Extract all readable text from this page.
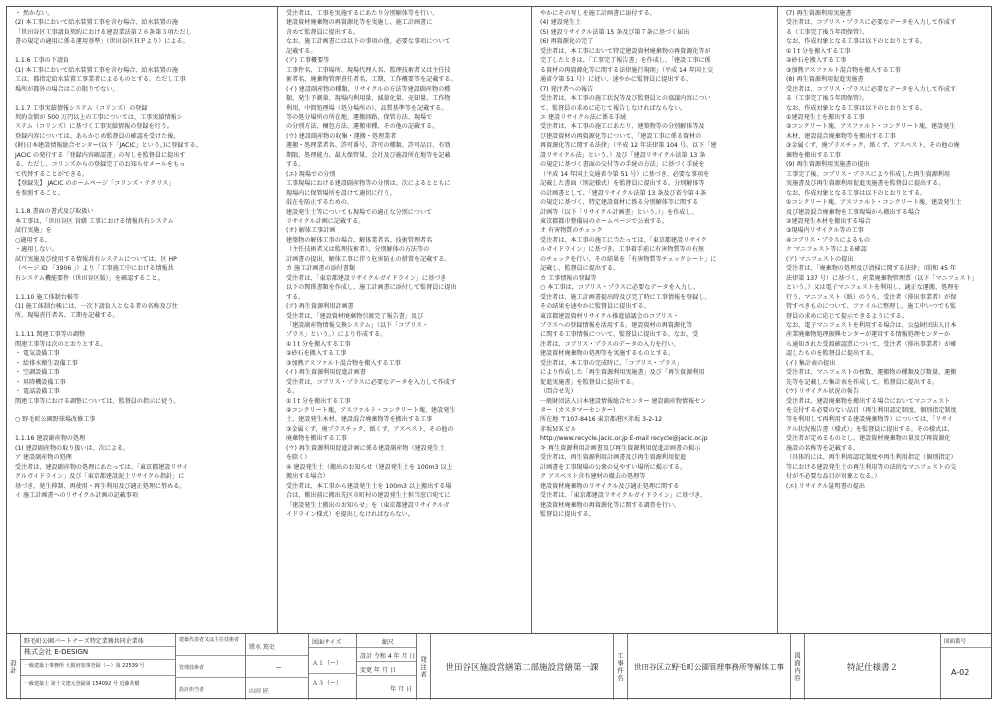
・ 然かない。

(2) 本工事において給水装置工事を含む場合、給水装置の施

「世田谷区工事請負契約における建設業法第２６条第３項ただし

書の規定の適用に係る運用基準」（世田谷区ＨＰより）による。

1.1.6 工事の下請負

(1) 本工事において給水装置工事を含む場合、給水装置の施

工は、都指定給水装置工事業者によるものとする。ただし工事

場所が都外の場合はこの限りでない。

1.1.7 工事実績情報システム（コリンズ）の登録

契約金額が 500 万円以上の工事については、工事実績情報シ

ステム（コリンズ）に基づく工事実績情報の登録を行う。

登録内容については、あらかじめ監督員の確認を受けた後、

(財)日本建設情報総合センター(以下「JACIC」という。)に登録する。

JACIC の発行する「登録内容確認書」の写しを監督員に提出す

る。ただし、コリンズからの登録完了のお知らせメールをもっ

て代替することができる。

【登録先】 JACIC のホームページ「コリンズ・テクリス」

を参照すること。

1.1.8 書面の書式及び取扱い

本工事は、「世田谷区 営繕 工事における情報共有システム

試行実施」を

○適用する。

・適用しない。

試行実施及び使用する情報共有システムについては、区 HP

（ページ ID 「3906 」）より「工事施工中における情報共

有システム機能要件（世田谷区版）」を確認すること。

1.1.10 施工体制台帳等

(1) 施工体制台帳には、一次下請負人となる者の名称及び住

所、現場責任者名、工期を記載する。

1.1.11 関連工事等の調整

関連工事等は次のとおりとする。

・ 電気設備工事

・ 給排水衛生設備工事

・ 空調設備工事

・ 昇降機設備工事

・ 電話設備工事

関連工事等における調整については、監督員の指示に従う。

○ 野毛町公園野球場改修工事

1.1.16 建設副産物の処理

(1) 建設副産物の取り扱いは、次による。

ア 建設副産物の処理

受注者は、建設副産物の処理にあたっては、「東京都建設リサイ

クルガイドライン」及び「東京都建設泥土リサイクル指針」に

基づき、発生抑制、再使用・再生利用及び適正処理に努める。

イ 施工計画書へのリサイクル計画の記載事項

受注者は、工事を実施するにあたり分別解体等を行い、

建設資材廃棄物の再資源化等を実施し、施工計画書に

含めて監督員に提出する。

なお、施工計画書には以下の事項の他、必要な事項について

記載する。

(ア) 工事概要等

工事件名、工事場所、現場代理人名、監理技術者又は主任技

術者名、廃棄物管理責任者名、工期、工作概要等を記載する。

(イ) 建設副産物の種類、リサイクルの方法等建設副産物の種

類、発生予測量、現場内利用量、減量化量、売却量、工作物

利用、中間処理場（処分場所の）、品質基準等を記載する。

等の処分場所の所在地、運搬経路、保管方法、現場で

の分別方法、梱包方法、運搬車種、その他の記載する。

(ウ) 建設副産物の収集・運搬・処理業者

運搬・処理業者名、許可番号、許可の種類、許可品目、有効

期限、処理能力、最大保管量、会社及び施設所在地等を記載

する。

(エ) 現場での分別

工事現場における建設副産物等の分別は、次によるとともに

現場内に保管場所を設けて適切に行う。

混在を防止するための、

建設発生土等についても現場での適正な分別について

リサイクル計画に記載する。

(オ) 解体工事計画

建築物の解体工事の場合、解体業者名、技術管理者名

（主任技術者又は監理技術者）、分別解体の方法等の

計画書の提出、解体工事に伴う危害防止の措置を記載する。

カ 施工計画書の添付書類

受注者は、「東京都建設リサイクルガイドライン」に基づき

以下の関係書類を作成し、施工計画書に添付して監督員に提出

する。

(ア) 再生資源利用計画書

受注者は、「建設資材廃棄物引渡完了報告書」及び

「建設副産物情報交換システム」（以下「コブリス・

プラス」という。）により作成する。

①１t 分を搬入する工事

②砂石を搬入する工事

③加熱アスファルト混合物を搬入する工事

(イ) 再生資源利用促進計画書

受注者は、コブリス・プラスに必要なデータを入力して作成す

る。

①１t 分を搬出する工事

②コンクリート塊、アスファルト・コンクリート塊、建設発生

土、建設発生木材、建設混合廃棄物等を搬出する工事

③金属くず、廃プラスチック、紙くず、アスベスト、その他の

廃棄物を搬出する工事

(ウ) 再生資源利用促進計画に係る建設副産物（建設発生土

を除く）

④ 建設発生土（搬出のお知らせ（建設発生土を 100m3 以上

搬出する場合）

受注者は、本工事から建設発生土を 100m3 以上搬出する場

合は、搬出前に搬出先区市町村の建設発生土担当窓口宛てに

「建設発生土搬出のお知らせ」を（東京都建設リサイクルガ

イドライン様式）を提出しなければならない。

やかにその写しを施工計画書に添付する。

(4) 建設発生土

(5) 建設リサイクル法第 15 条及び第７条に基づく届出

(6) 再資源化の完了

受注者は、本工事において特定建設資材廃棄物の再資源化等が

完了したときは、「工事完了報告書」を作成し、「建設工事に係

る資材の再資源化等に関する法律施行規則」（平成 14 年国土交

通省令第 51 号）に従い、速やかに監督員に提出する。

(7) 発注者への報告

受注者は、本工事の施工状況等及び監督員との協議内容につい

て、監督員の求めに応じて報告しなければならない。

エ 建設リサイクル法に係る手続

受注者は、本工事の施工にあたり、建築物等の分別解体等及

び建設資材の再資源化等について、「建設工事に係る資材の

再資源化等に関する法律」（平成 12 年法律第 104 号。以下「建

設リサイクル法」という。）及び「建設リサイクル法第 13 条

の規定に基づく書面の交付等の手続の方法」に基づく手続を

（平成 14 年国土交通省令第 51 号）に基づき、必要な事項を

記載した書面（別記様式）を監督員に提出する。分別解体等

の計画書として、「建設リサイクル法第 13 条及び省令第４条

の規定に基づく、特定建設資材に係る分別解体等に関する

計画等（以下「リサイクル計画書」という。）」を作成し、

東京都都市整備局のホームページで公表する。

オ 有害物質のチェック

受注者は、本工事の施工に当たっては、「東京都建設リサイク

ルガイドライン」に基づき、工事着手前に有害物質等の有無

のチェックを行い、その結果を「有害物質等チェックシート」に

記載し、監督員に提出する。

カ 工事情報の登録等

○ 本工事は、コブリス・プラスに必要なデータを入力し、

受注者は、施工計画書提出時及び完了時に工事情報を登録し、

その結果を速やかに監督員に提出する。

東京都建設資材リサイクル推進協議会のコブリス・

プラスへの登録情報を活用する。建設資材の再資源化等

に関する工事情報について、監督員に提出する。なお、受

注者は、コブリス・プラスのデータの入力を行い、

建設資材廃棄物の処理等を実施するものとする。

受注者は、本工事の完成時に、「コブリス・プラス」

により作成した「再生資源利用実施書」及び「再生資源利用

促進実施書」を監督員に提出する。

（問合せ先）

一般財団法人日本建設情報総合センター 建設副産物情報セン

ター（カスタマーセンター）

所在地 〒107-8416 東京都港区赤坂 3-2-12

赤坂ＭＫビル

http://www.recycle.jacic.or.jp E-mail recycle@jacic.or.jp

キ 再生資源利用計画書及び再生資源利用促進計画書の掲示

受注者は、再生資源利用計画書及び再生資源利用促進

計画書を工事現場の公衆の見やすい場所に掲示する。

ク アスベスト含有建材の撤去の処理等

建設資材廃棄物のリサイクル及び適正処理に関する

受注者は、「東京都建設リサイクルガイドライン」に基づき、

建設資材廃棄物の再資源化等に関する調査を行い、

監督員に提出する。

(7) 再生資源利用実施書

受注者は、コブリス・プラスに必要なデータを入力して作成す

る（工事完了後５年間保管）。

なお、作成対象となる工事は以下のとおりとする。

①１t 分を搬入する工事

②砂石を搬入する工事

③加熱アスファルト混合物を搬入する工事

(8) 再生資源利用促進実施書

受注者は、コブリス・プラスに必要なデータを入力して作成す

る（工事完了後５年間保管）。

なお、作成対象となる工事は以下のとおりとする。

①建設発生土を搬出する工事

②コンクリート塊、アスファルト・コンクリート塊、建設発生

木材、建設混合廃棄物等を搬出する工事

③金属くず、廃プラスチック、紙くず、アスベスト、その他の廃

棄物を搬出する工事

(9) 再生資源利用実施書の提出

工事完了後、コブリス・プラスにより作成した再生資源利用

実施書及び再生資源利用促進実施書を監督員に提出する。

なお、作成対象となる工事は以下のとおりとする。

①コンクリート塊、アスファルト・コンクリート塊、建設発生土

及び建設混合廃棄物を工事現場から搬出する場合

②建設発生木材を搬出する場合

③現場内リサイクル等の工事

④コブリス・プラスによるもの

ケ マニフェスト等による確認

(ア) マニフェストの提出

受注者は、「廃棄物の処理及び清掃に関する法律」（昭和 45 年

法律第 137 号）に基づく、産業廃棄物管理票（以下「マニフェスト」

という。）又は電子マニフェストを利用し、適正な運搬、処理を

行う。マニフェスト（紙）のうち、受注者（排出事業者）が保

管すべきものについて、ファイルに整理し、施工中いつでも監

督員の求めに応じて提示できるようにする。

なお、電子マニフェストを利用する場合は、公益財団法人日本

産業廃棄物処理振興センターが運営する情報処理センターか

ら通知された受渡確認票について、受注者（排出事業者）が確

認したものを監督員に提出する。

(イ) 集計表の提出

受注者は、マニフェストの枚数、運搬物の種類及び数量、運搬

先等を記載した集計表を作成して、監督員に提出する。

(ウ) リサイクル状況の報告

受注者は、建設廃棄物を搬出する場合においてマニフェスト

を交付する必要のない品目（再生利用認定制度、個別指定制度

等を利用して再利用する建設廃棄物等）については、「リサイ

クル状況報告書（様式）」を監督員に提出する。その様式は、

受注者が定めるものとし、建設資材廃棄物の量及び再資源化

施設の名称等を記載する。

（具体的には、再生利用認定制度や再生利用指定（個別指定）

等における建設発生土の再生利用等の法的なマニフェストの交

付が不必要な品目が対象となる。）

(エ) リサイクル証明書の提出

設計
野毛町公園パートナーズ特定業務共同企業体
株式会社 E-DESIGN
一級建築士事務所 大阪府知事登録（ー）第 22539 号
一級建築士 第十文建元登録第 154092 号 近藤英樹
建築代表者又は主任技術者
管理技術者
設計担当者
將水 篤史
—
山田 匠
図面サイズ
Ａ１（ー）
Ａ３（ー）
縮尺
設計 令和 4 年 月 日
変更 年 月 日
年 月 日
発注者	世田谷区施設営繕第二部施設営繕第一課	工事件名	世田谷区立野毛町公園管理事務所等解体工事	図面内容	特記仕様書２
図面番号
A-02
